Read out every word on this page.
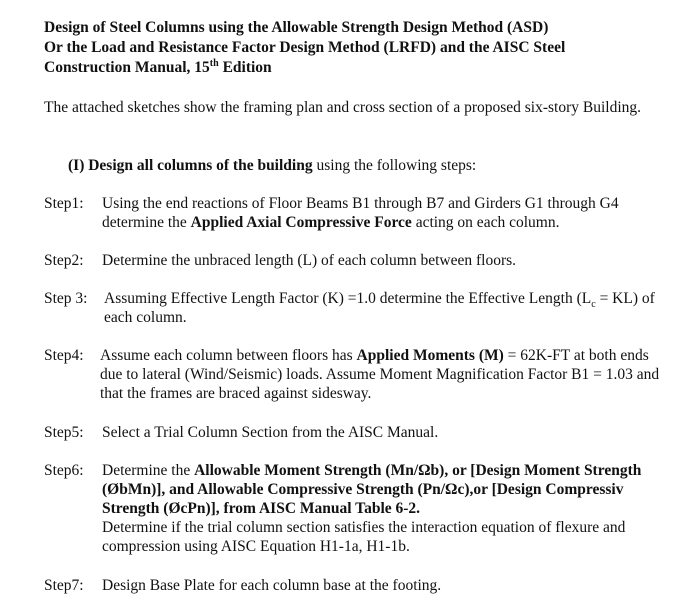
Design of Steel Columns using the Allowable Strength Design Method (ASD)
Or the Load and Resistance Factor Design Method (LRFD) and the AISC Steel
Construction Manual, 15th Edition
The attached sketches show the framing plan and cross section of a proposed six-story Building.
(I) Design all columns of the building using the following steps:
Step1: Using the end reactions of Floor Beams B1 through B7 and Girders G1 through G4 determine the Applied Axial Compressive Force acting on each column.
Step2: Determine the unbraced length (L) of each column between floors.
Step 3: Assuming Effective Length Factor (K) =1.0 determine the Effective Length $(L_c = KL)$ of each column.
Step4: Assume each column between floors has Applied Moments (M) = 62K-FT at both ends due to lateral (Wind/Seismic) loads. Assume Moment Magnification Factor B1 = 1.03 and that the frames are braced against sidesway.
Step5: Select a Trial Column Section from the AISC Manual.
Step6: Determine the Allowable Moment Strength (Mn/Ωb), or [Design Moment Strength (ØbMn)], and Allowable Compressive Strength (Pn/Ωc),or [Design Compressiv Strength (ØcPn)], from AISC Manual Table 6-2.
Determine if the trial column section satisfies the interaction equation of flexure and compression using AISC Equation H1-1a, H1-1b.
Step7: Design Base Plate for each column base at the footing.
